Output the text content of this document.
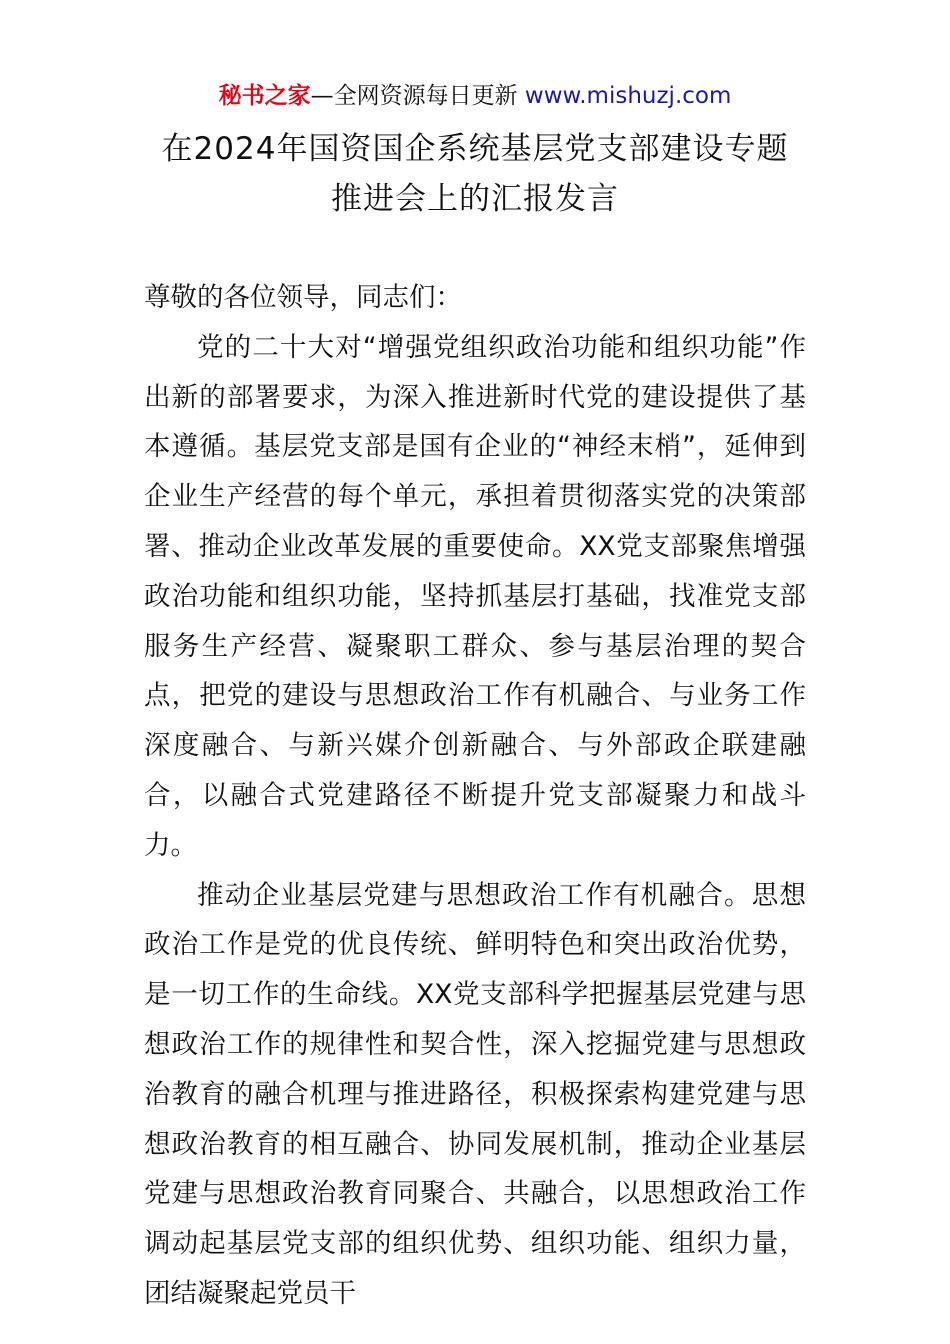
秘书之家—全网资源每日更新 www.mishuzj.com
在2024年国资国企系统基层党支部建设专题
推进会上的汇报发言

尊敬的各位领导，同志们：

党的二十大对“增强党组织政治功能和组织功能”作出新的部署要求，为深入推进新时代党的建设提供了基本遵循。基层党支部是国有企业的“神经末梢”，延伸到企业生产经营的每个单元，承担着贯彻落实党的决策部署、推动企业改革发展的重要使命。XX党支部聚焦增强政治功能和组织功能，坚持抓基层打基础，找准党支部服务生产经营、凝聚职工群众、参与基层治理的契合点，把党的建设与思想政治工作有机融合、与业务工作深度融合、与新兴媒介创新融合、与外部政企联建融合，以融合式党建路径不断提升党支部凝聚力和战斗力。

推动企业基层党建与思想政治工作有机融合。思想政治工作是党的优良传统、鲜明特色和突出政治优势，是一切工作的生命线。XX党支部科学把握基层党建与思想政治工作的规律性和契合性，深入挖掘党建与思想政治教育的融合机理与推进路径，积极探索构建党建与思想政治教育的相互融合、协同发展机制，推动企业基层党建与思想政治教育同聚合、共融合，以思想政治工作调动起基层党支部的组织优势、组织功能、组织力量，团结凝聚起党员干
